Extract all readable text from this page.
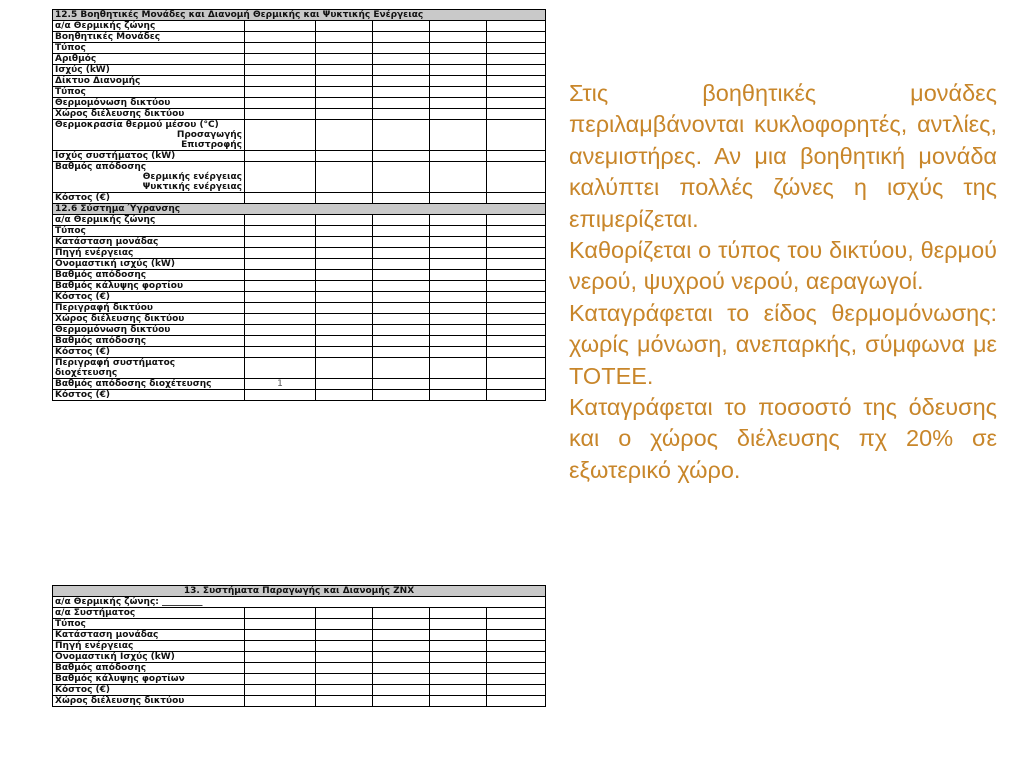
12.5 Βοηθητικές Μονάδες και Διανομή Θερμικής και Ψυκτικής Ενέργειας					
α/α Θερμικής ζώνης					
Βοηθητικές Μονάδες					
Τύπος					
Αριθμός					
Ισχύς (kW)					
Δίκτυο Διανομής					
Τύπος					
Θερμομόνωση δικτύου					
Χώρος διέλευσης δικτύου					

Θερμοκρασία θερμού μέσου (°C)
Προσαγωγής
Επιστροφής					

Ισχύς συστήματος (kW)					

Βαθμός απόδοσης
Θερμικής ενέργειας
Ψυκτικής ενέργειας					

Κόστος (€)					
12.6 Σύστημα Ύγρανσης					
α/α Θερμικής ζώνης					
Τύπος					
Κατάσταση μονάδας					
Πηγή ενέργειας					
Ονομαστική ισχύς (kW)					
Βαθμός απόδοσης					
Βαθμός κάλυψης φορτίου					
Κόστος (€)					
Περιγραφή δικτύου					
Χώρος διέλευσης δικτύου					
Θερμομόνωση δικτύου					
Βαθμός απόδοσης					
Κόστος (€)					

Περιγραφή συστήματος
διοχέτευσης					

Βαθμός απόδοσης διοχέτευσης	1				
Κόστος (€)					
13. Συστήματα Παραγωγής και Διανομής ΖΝΧ					
α/α Θερμικής ζώνης: _________					
α/α Συστήματος					
Τύπος					
Κατάσταση μονάδας					
Πηγή ενέργειας					
Ονομαστική Ισχύς (kW)					
Βαθμός απόδοσης					
Βαθμός κάλυψης φορτίων					
Κόστος (€)					
Χώρος διέλευσης δικτύου					

Στις βοηθητικές μονάδες περιλαμβάνονται κυκλοφορητές, αντλίες, ανεμιστήρες. Αν μια βοηθητική μονάδα καλύπτει πολλές ζώνες η ισχύς της επιμερίζεται.

Καθορίζεται ο τύπος του δικτύου, θερμού νερού, ψυχρού νερού, αεραγωγοί.

Καταγράφεται το είδος θερμομόνωσης: χωρίς μόνωση, ανεπαρκής, σύμφωνα με ΤΟΤΕΕ.

Καταγράφεται το ποσοστό της όδευσης και ο χώρος διέλευσης πχ 20% σε εξωτερικό χώρο.
